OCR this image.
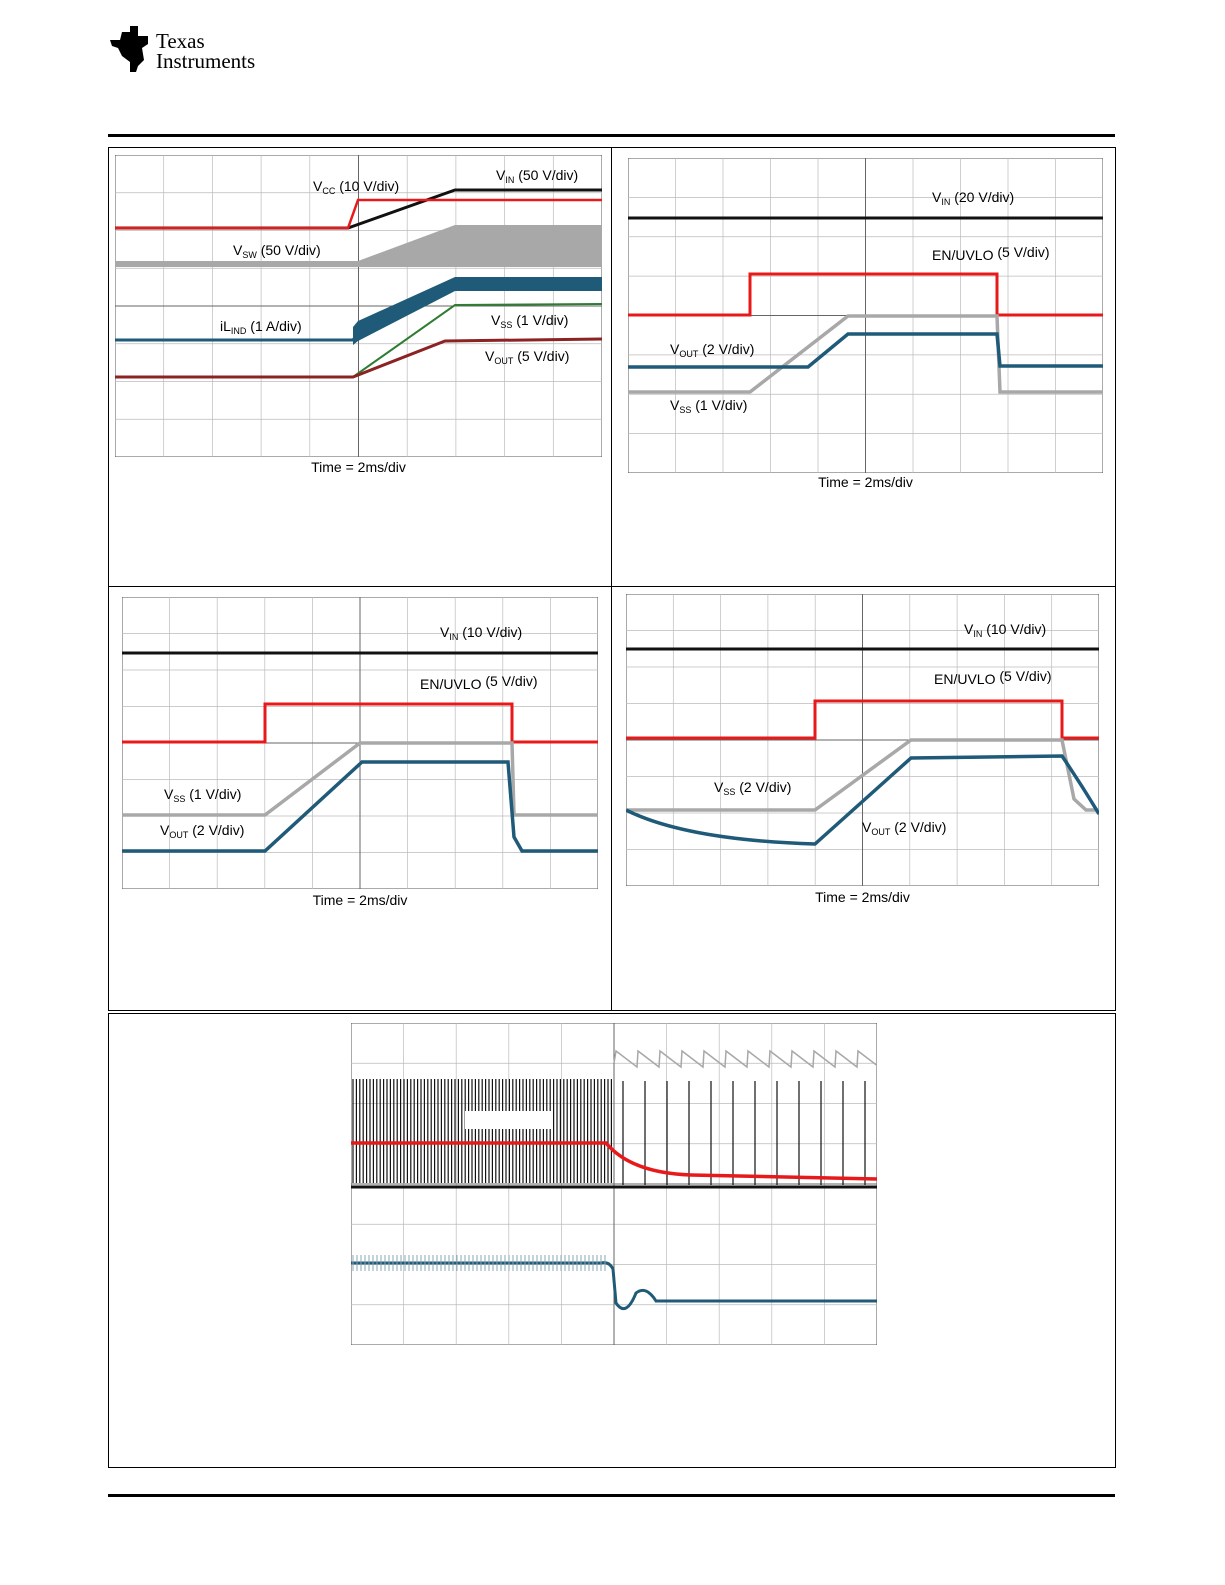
Texas
Instruments
$V_{CC}$ (10 V/div)
$V_{IN}$ (50 V/div)
$V_{SW}$ (50 V/div)
$iL_{IND}$ (1 A/div)	$V_{SS}$ (1 V/div)
$V_{OUT}$ (5 V/div)
Time = 2ms/div
$V_{IN}$ (20 V/div)
EN/UVLO (5 V/div)
$V_{OUT}$ (2 V/div)
$V_{SS}$ (1 V/div)
Time = 2ms/div
$V_{IN}$ (10 V/div)
EN/UVLO (5 V/div)
$V_{SS}$ (1 V/div)
$V_{OUT}$ (2 V/div)
Time = 2ms/div
$V_{IN}$ (10 V/div)
EN/UVLO (5 V/div)
$V_{SS}$ (2 V/div)
$V_{OUT}$ (2 V/div)
Time = 2ms/div
